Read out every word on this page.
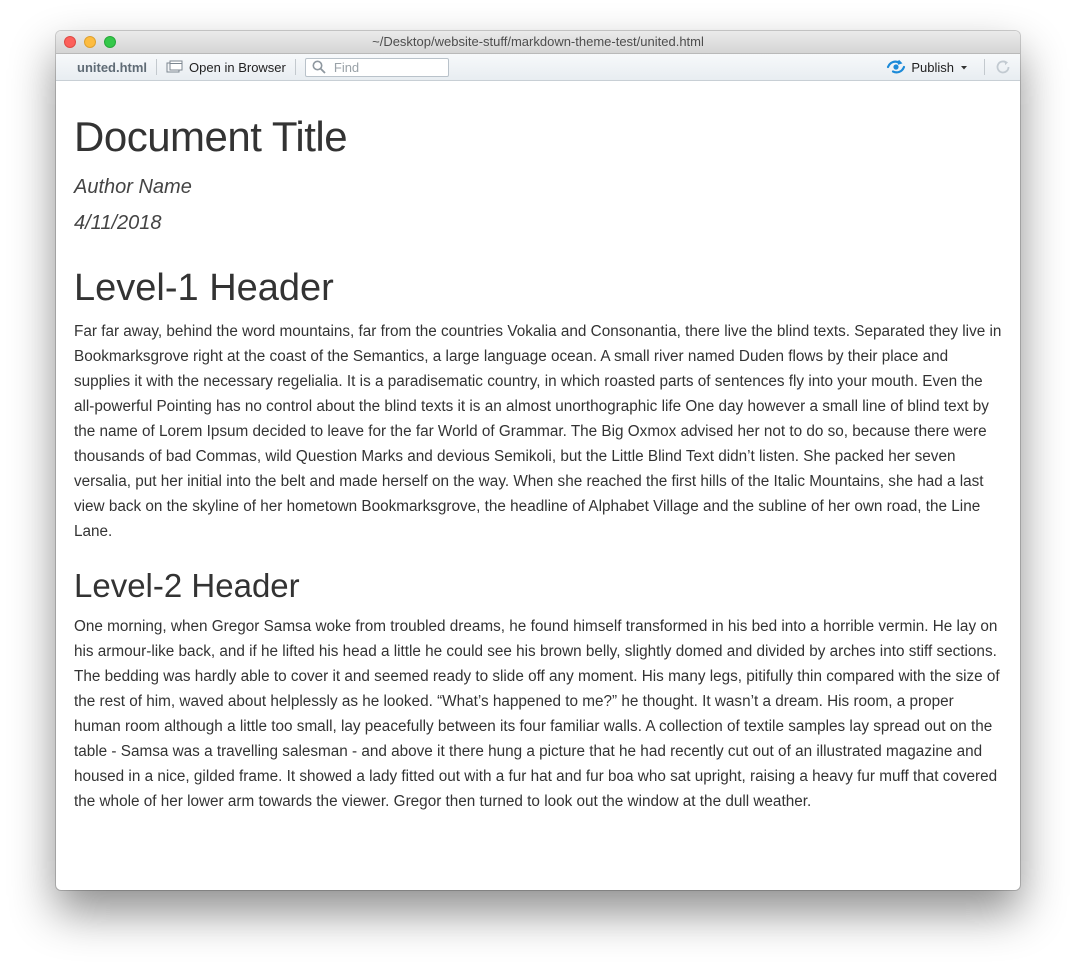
~/Desktop/website-stuff/markdown-theme-test/united.html
united.html	Open in Browser
Find	Publish
Document Title
Author Name
4/11/2018
Level-1 Header

Far far away, behind the word mountains, far from the countries Vokalia and Consonantia, there live the blind texts. Separated they live in Bookmarksgrove right at the coast of the Semantics, a large language ocean. A small river named Duden flows by their place and supplies it with the necessary regelialia. It is a paradisematic country, in which roasted parts of sentences fly into your mouth. Even the all-powerful Pointing has no control about the blind texts it is an almost unorthographic life One day however a small line of blind text by the name of Lorem Ipsum decided to leave for the far World of Grammar. The Big Oxmox advised her not to do so, because there were thousands of bad Commas, wild Question Marks and devious Semikoli, but the Little Blind Text didn’t listen. She packed her seven versalia, put her initial into the belt and made herself on the way. When she reached the first hills of the Italic Mountains, she had a last view back on the skyline of her hometown Bookmarksgrove, the headline of Alphabet Village and the subline of her own road, the Line Lane.

Level-2 Header

One morning, when Gregor Samsa woke from troubled dreams, he found himself transformed in his bed into a horrible vermin. He lay on his armour-like back, and if he lifted his head a little he could see his brown belly, slightly domed and divided by arches into stiff sections. The bedding was hardly able to cover it and seemed ready to slide off any moment. His many legs, pitifully thin compared with the size of the rest of him, waved about helplessly as he looked. “What’s happened to me?” he thought. It wasn’t a dream. His room, a proper human room although a little too small, lay peacefully between its four familiar walls. A collection of textile samples lay spread out on the table - Samsa was a travelling salesman - and above it there hung a picture that he had recently cut out of an illustrated magazine and housed in a nice, gilded frame. It showed a lady fitted out with a fur hat and fur boa who sat upright, raising a heavy fur muff that covered the whole of her lower arm towards the viewer. Gregor then turned to look out the window at the dull weather.
